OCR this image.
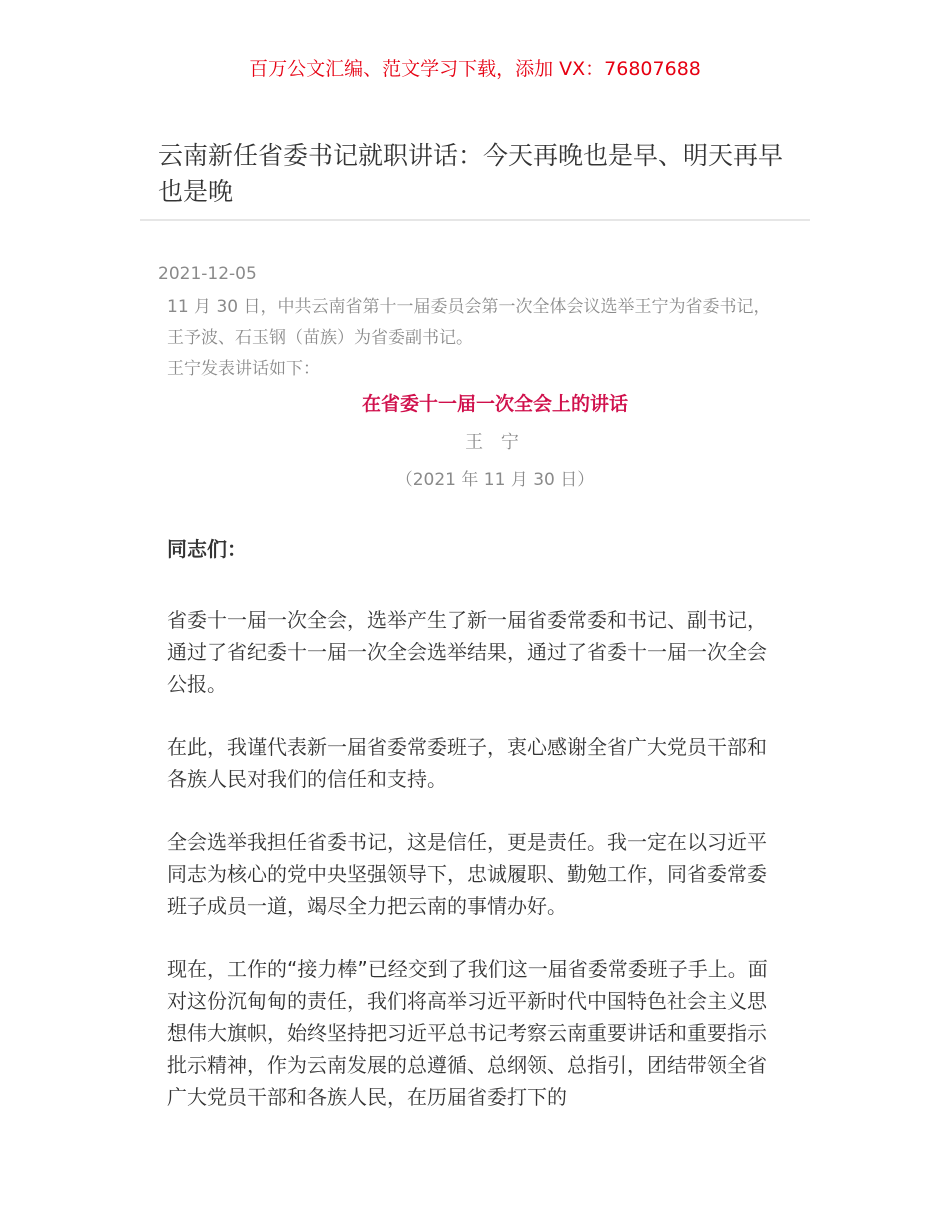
百万公文汇编、范文学习下载，添加 VX：76807688
云南新任省委书记就职讲话：今天再晚也是早、明天再早也是晚
2021-12-05

11 月 30 日，中共云南省第十一届委员会第一次全体会议选举王宁为省委书记，王予波、石玉钢（苗族）为省委副书记。

王宁发表讲话如下：

在省委十一届一次全会上的讲话
王 宁
（2021 年 11 月 30 日）

同志们：

省委十一届一次全会，选举产生了新一届省委常委和书记、副书记，通过了省纪委十一届一次全会选举结果，通过了省委十一届一次全会公报。

在此，我谨代表新一届省委常委班子，衷心感谢全省广大党员干部和各族人民对我们的信任和支持。

全会选举我担任省委书记，这是信任，更是责任。我一定在以习近平同志为核心的党中央坚强领导下，忠诚履职、勤勉工作，同省委常委班子成员一道，竭尽全力把云南的事情办好。

现在，工作的“接力棒”已经交到了我们这一届省委常委班子手上。面对这份沉甸甸的责任，我们将高举习近平新时代中国特色社会主义思想伟大旗帜，始终坚持把习近平总书记考察云南重要讲话和重要指示批示精神，作为云南发展的总遵循、总纲领、总指引，团结带领全省广大党员干部和各族人民，在历届省委打下的
